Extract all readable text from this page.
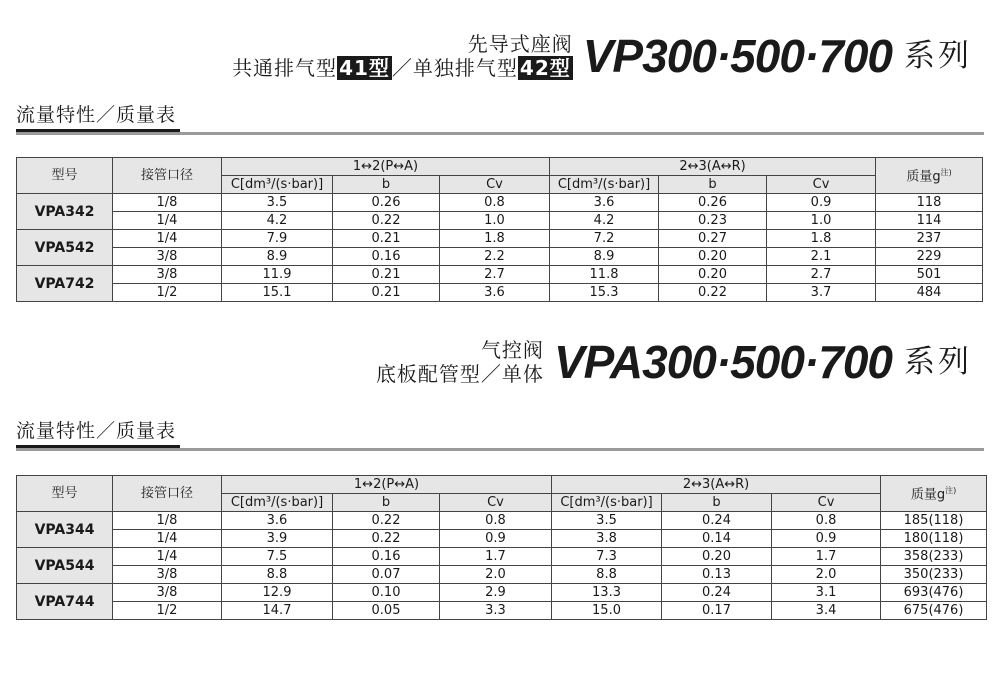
先导式座阀
共通排气型 41型 ／单独排气型 42型 VP300·500·700 系列
流量特性／质量表
型号	接管口径	1↔2(P↔A)			2↔3(A↔R)			质量$g^{注)}$
		C[dm³/(s·bar)]	b	Cv	C[dm³/(s·bar)]	b	Cv	
VPA342	1/8	3.5	0.26	0.8	3.6	0.26	0.9	118
	1/4	4.2	0.22	1.0	4.2	0.23	1.0	114
VPA542	1/4	7.9	0.21	1.8	7.2	0.27	1.8	237
	3/8	8.9	0.16	2.2	8.9	0.20	2.1	229
VPA742	3/8	11.9	0.21	2.7	11.8	0.20	2.7	501
	1/2	15.1	0.21	3.6	15.3	0.22	3.7	484
气控阀
底板配管型／单体 VPA300·500·700 系列
流量特性／质量表
型号	接管口径	1↔2(P↔A)			2↔3(A↔R)			质量$g^{注)}$
		C[dm³/(s·bar)]	b	Cv	C[dm³/(s·bar)]	b	Cv	
VPA344	1/8	3.6	0.22	0.8	3.5	0.24	0.8	185(118)
	1/4	3.9	0.22	0.9	3.8	0.14	0.9	180(118)
VPA544	1/4	7.5	0.16	1.7	7.3	0.20	1.7	358(233)
	3/8	8.8	0.07	2.0	8.8	0.13	2.0	350(233)
VPA744	3/8	12.9	0.10	2.9	13.3	0.24	3.1	693(476)
	1/2	14.7	0.05	3.3	15.0	0.17	3.4	675(476)
